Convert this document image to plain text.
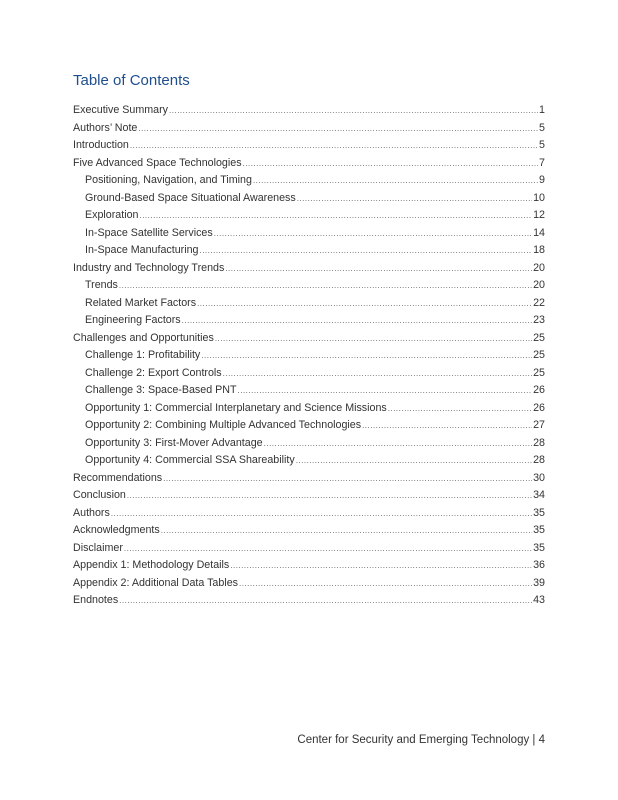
Table of Contents
Executive Summary .....	1
Authors’ Note .....	5
Introduction .....	5
Five Advanced Space Technologies .....	7
Positioning, Navigation, and Timing .....	9
Ground-Based Space Situational Awareness .....	10
Exploration .....	12
In-Space Satellite Services .....	14
In-Space Manufacturing .....	18
Industry and Technology Trends .....	20
Trends .....	20
Related Market Factors .....	22
Engineering Factors .....	23
Challenges and Opportunities .....	25
Challenge 1: Profitability .....	25
Challenge 2: Export Controls .....	25
Challenge 3: Space-Based PNT .....	26
Opportunity 1: Commercial Interplanetary and Science Missions .....	26
Opportunity 2: Combining Multiple Advanced Technologies .....	27
Opportunity 3: First-Mover Advantage .....	28
Opportunity 4: Commercial SSA Shareability .....	28
Recommendations .....	30
Conclusion .....	34
Authors .....	35
Acknowledgments .....	35
Disclaimer .....	35
Appendix 1: Methodology Details .....	36
Appendix 2: Additional Data Tables .....	39
Endnotes .....	43
Center for Security and Emerging Technology | 4
